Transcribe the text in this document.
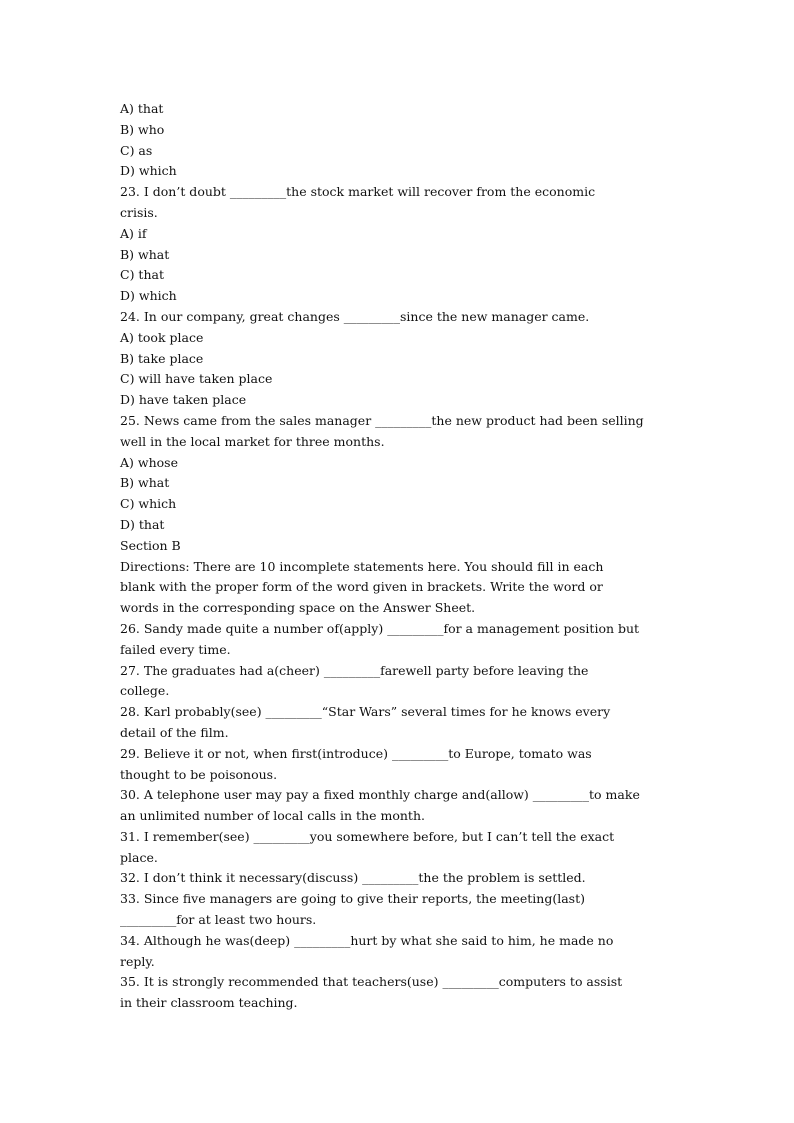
A) that
B) who
C) as
D) which
23. I don’t doubt _________the stock market will recover from the economic
crisis.
A) if
B) what
C) that
D) which
24. In our company, great changes _________since the new manager came.
A) took place
B) take place
C) will have taken place
D) have taken place
25. News came from the sales manager _________the new product had been selling
well in the local market for three months.
A) whose
B) what
C) which
D) that
Section B
Directions: There are 10 incomplete statements here. You should fill in each
blank with the proper form of the word given in brackets. Write the word or
words in the corresponding space on the Answer Sheet.
26. Sandy made quite a number of(apply) _________for a management position but
failed every time.
27. The graduates had a(cheer) _________farewell party before leaving the
college.
28. Karl probably(see) _________“Star Wars” several times for he knows every
detail of the film.
29. Believe it or not, when first(introduce) _________to Europe, tomato was
thought to be poisonous.
30. A telephone user may pay a fixed monthly charge and(allow) _________to make
an unlimited number of local calls in the month.
31. I remember(see) _________you somewhere before, but I can’t tell the exact
place.
32. I don’t think it necessary(discuss) _________the the problem is settled.
33. Since five managers are going to give their reports, the meeting(last)
_________for at least two hours.
34. Although he was(deep) _________hurt by what she said to him, he made no
reply.
35. It is strongly recommended that teachers(use) _________computers to assist
in their classroom teaching.
